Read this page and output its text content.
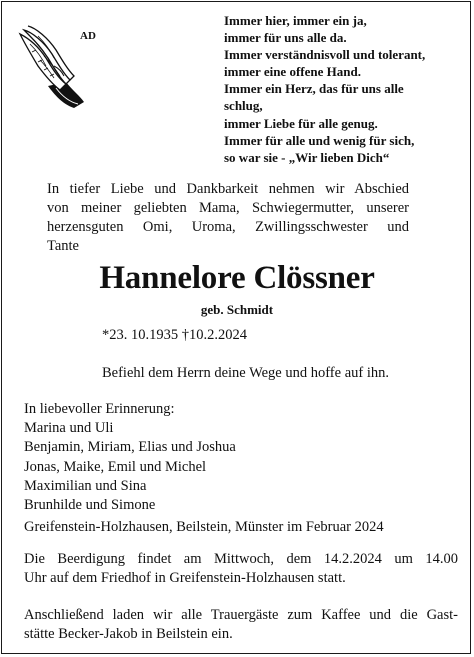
AD
Immer hier, immer ein ja,
immer für uns alle da.
Immer verständnisvoll und tolerant,
immer eine offene Hand.
Immer ein Herz, das für uns alle
schlug,
immer Liebe für alle genug.
Immer für alle und wenig für sich,
so war sie - „Wir lieben Dich“
In tiefer Liebe und Dankbarkeit nehmen wir Abschied
von meiner geliebten Mama, Schwiegermutter, unserer
herzensguten Omi, Uroma, Zwillingsschwester und
Tante
Hannelore Clössner
geb. Schmidt
*23. 10.1935 †10.2.2024
Befiehl dem Herrn deine Wege und hoffe auf ihn.
In liebevoller Erinnerung:
Marina und Uli
Benjamin, Miriam, Elias und Joshua
Jonas, Maike, Emil und Michel
Maximilian und Sina
Brunhilde und Simone
Greifenstein-Holzhausen, Beilstein, Münster im Februar 2024
Die Beerdigung findet am Mittwoch, dem 14.2.2024 um 14.00
Uhr auf dem Friedhof in Greifenstein-Holzhausen statt.
Anschließend laden wir alle Trauergäste zum Kaffee und die Gast-
stätte Becker-Jakob in Beilstein ein.
